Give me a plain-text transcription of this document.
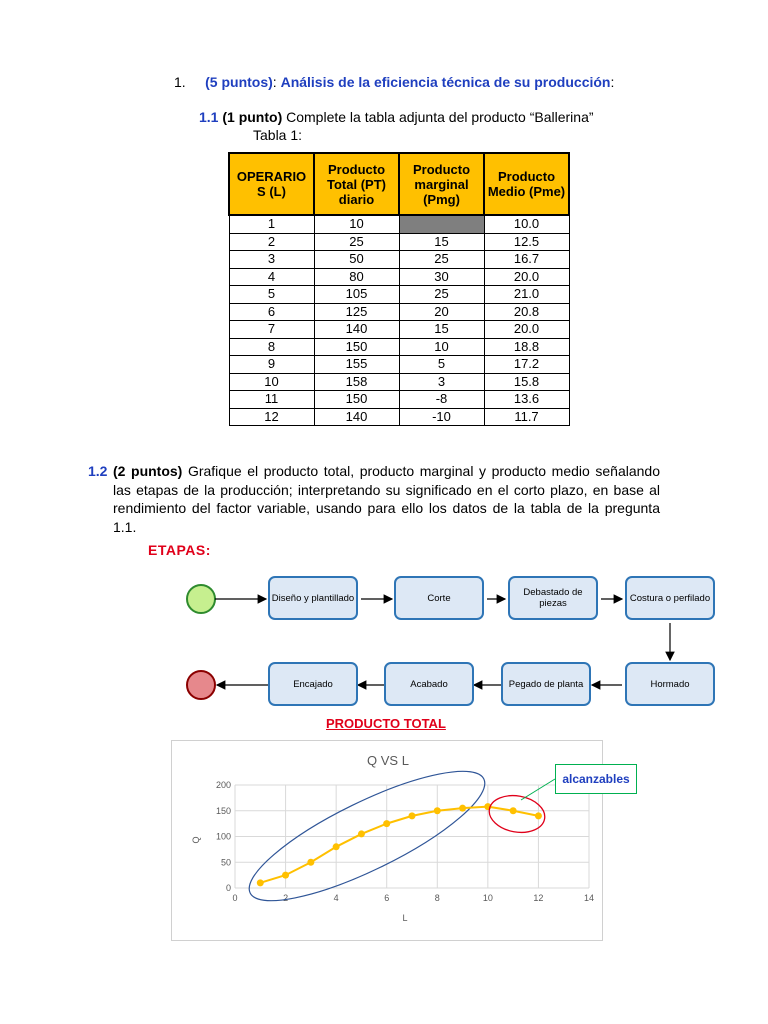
1. (5 puntos): Análisis de la eficiencia técnica de su producción:
1.1 (1 punto) Complete la tabla adjunta del producto “Ballerina”
Tabla 1:
OPERARIO S (L)	Producto Total (PT) diario	Producto marginal (Pmg)	Producto Medio (Pme)
1	10		10.0
2	25	15	12.5
3	50	25	16.7
4	80	30	20.0
5	105	25	21.0
6	125	20	20.8
7	140	15	20.0
8	150	10	18.8
9	155	5	17.2
10	158	3	15.8
11	150	-8	13.6
12	140	-10	11.7
1.2 (2 puntos) Grafique el producto total, producto marginal y producto medio señalando las etapas de la producción; interpretando su significado en el corto plazo, en base al rendimiento del factor variable, usando para ello los datos de la tabla de la pregunta 1.1.
ETAPAS:
Diseño y plantillado	Corte	Debastado de piezas	Costura o perfilado
Hormado
Pegado de planta
Acabado
Encajado
PRODUCTO TOTAL
Q VS L
L
Q
0	2	4	6	8	10	12	14
0
50
100
150
200	alcanzables
